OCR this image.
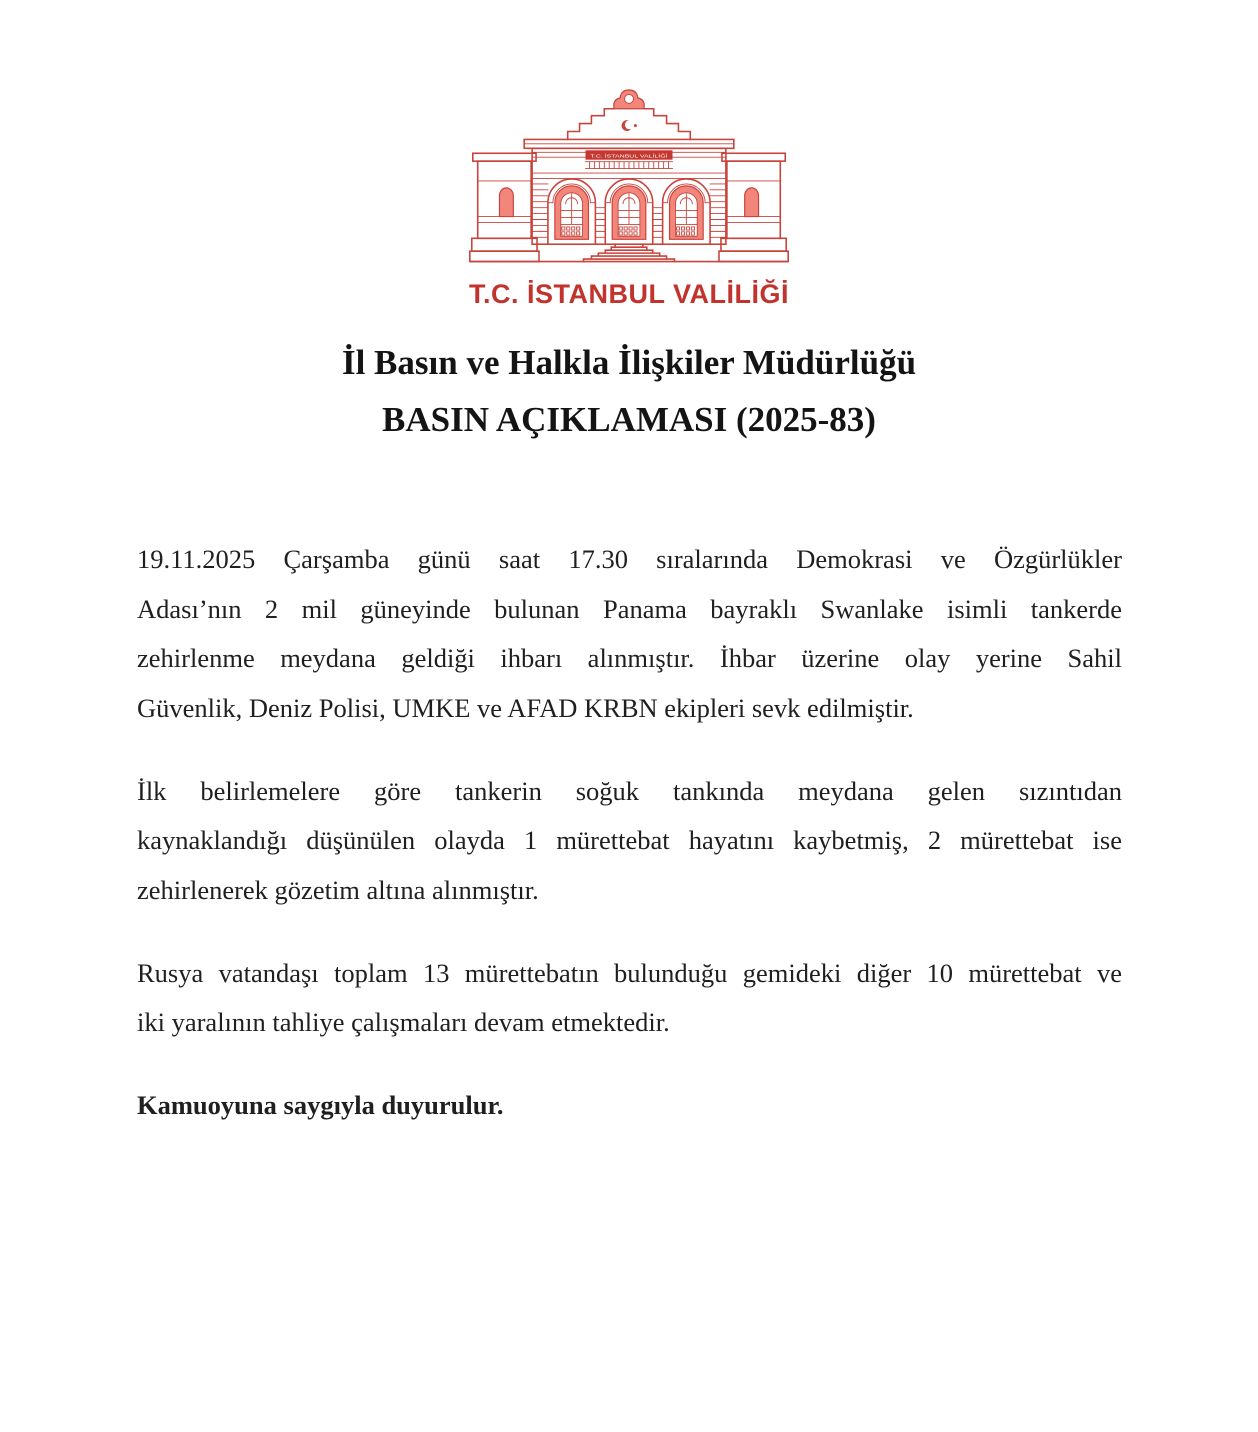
T.C. İSTANBUL VALİLİĞİ
T.C. İSTANBUL VALİLİĞİ
İl Basın ve Halkla İlişkiler Müdürlüğü
BASIN AÇIKLAMASI (2025-83)
19.11.2025 Çarşamba günü saat 17.30 sıralarında Demokrasi ve Özgürlükler
Adası’nın 2 mil güneyinde bulunan Panama bayraklı Swanlake isimli tankerde
zehirlenme meydana geldiği ihbarı alınmıştır. İhbar üzerine olay yerine Sahil
Güvenlik, Deniz Polisi, UMKE ve AFAD KRBN ekipleri sevk edilmiştir.
İlk belirlemelere göre tankerin soğuk tankında meydana gelen sızıntıdan
kaynaklandığı düşünülen olayda 1 mürettebat hayatını kaybetmiş, 2 mürettebat ise
zehirlenerek gözetim altına alınmıştır.
Rusya vatandaşı toplam 13 mürettebatın bulunduğu gemideki diğer 10 mürettebat ve
iki yaralının tahliye çalışmaları devam etmektedir.

Kamuoyuna saygıyla duyurulur.
